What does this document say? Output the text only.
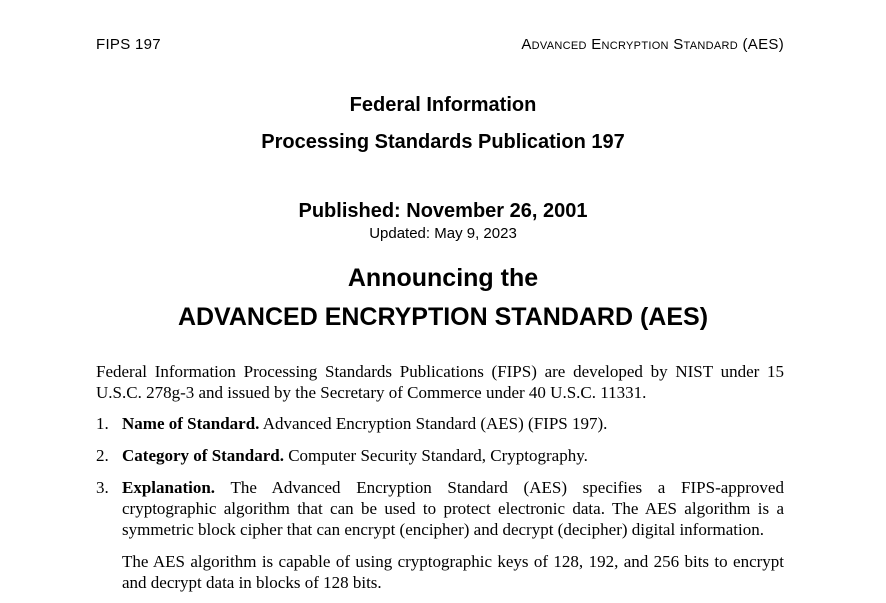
FIPS 197	Advanced Encryption Standard (AES)
Federal Information
Processing Standards Publication 197
Published: November 26, 2001
Updated: May 9, 2023
Announcing the
ADVANCED ENCRYPTION STANDARD (AES)

Federal Information Processing Standards Publications (FIPS) are developed by NIST under 15 U.S.C. 278g-3 and issued by the Secretary of Commerce under 40 U.S.C. 11331.

1. Name of Standard. Advanced Encryption Standard (AES) (FIPS 197).
2. Category of Standard. Computer Security Standard, Cryptography.
3. Explanation. The Advanced Encryption Standard (AES) specifies a FIPS-approved cryptographic algorithm that can be used to protect electronic data. The AES algorithm is a symmetric block cipher that can encrypt (encipher) and decrypt (decipher) digital information.

The AES algorithm is capable of using cryptographic keys of 128, 192, and 256 bits to encrypt and decrypt data in blocks of 128 bits.
